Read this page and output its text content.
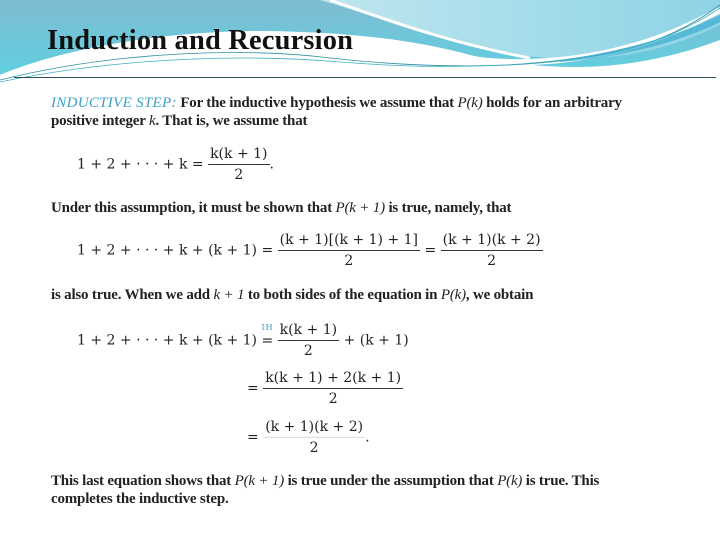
Induction and Recursion
INDUCTIVE STEP: For the inductive hypothesis we assume that P(k) holds for an arbitrary
positive integer k. That is, we assume that
1 + 2 + · · · + $k = \frac{k(k + 1)}{2}$ .
Under this assumption, it must be shown that P(k + 1) is true, namely, that
1 + 2 + · · · + $k + (k + 1) = \frac{(k + 1)[(k + 1) + 1]}{2} = \frac{(k + 1)(k + 2)}{2}$
is also true. When we add k + 1 to both sides of the equation in P(k), we obtain
1 + 2 + · · · + k + (k + 1)
IH
= $\frac{k(k + 1)}{2} + (k + 1)$
= $\frac{k(k + 1) + 2(k + 1)}{2}$
= $\frac{(k + 1)(k + 2)}{2}$ .
This last equation shows that P(k + 1) is true under the assumption that P(k) is true. This
completes the inductive step.
